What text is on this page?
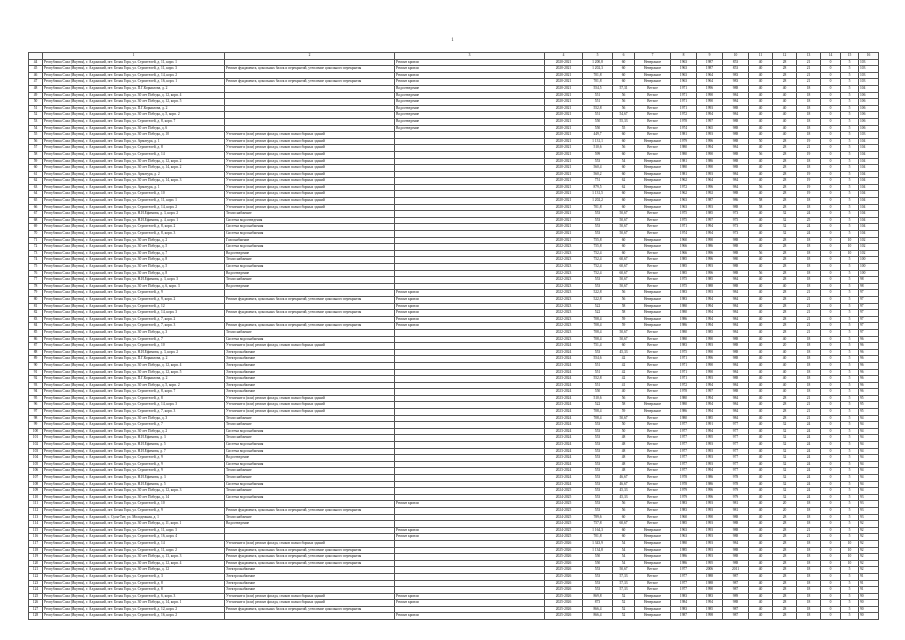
1
	1	2	3	4	5	6	7	8	9	10	11	12	13	14	15	16
44	Республика Саха (Якутия), г. Алданский, пгт. Белая Гора, ул. Строителей, д. 11, корп. 1		Ремонт кровли	2020-2021	1 200,8	60	Невержное	1963	1987	853	40	28	21	0	5	103
45	Республика Саха (Якутия), г. Алданский, пгт. Белая Гора, ул. Строителей, д. 11, корп. 3	Ремонт фундамента, цокольных балок и перекрытий, утепление цокольного перекрытия	Ремонт кровли	2020-2021	1 202,3	60	Невержное	1963	1987	853	40	28	21	0	5	103
46	Республика Саха (Якутия), г. Алданский, пгт. Белая Гора, ул. Строителей, д. 14, корп. 2		Ремонт кровли	2020-2021	701,8	60	Невержное	1963	1964	983	40	28	21	0	5	103
47	Республика Саха (Якутия), г. Алданский, пгт. Белая Гора, ул. Строителей, д. 16, корп. 1	Ремонт фундамента, цокольных балок и перекрытий, утепление цокольного перекрытия	Ремонт кровли	2020-2021	701,8	60	Невержное	1963	1964	983	40	28	21	0	5	103
48	Республика Саха (Якутия), г. Алданский, пгт. Белая Гора, ул. П.Г.Корнилова, д. 2		Водоотведение	2020-2021	554,5	57,31	Ветхое	1971	1996	988	40	40	18	0	5	104
49	Республика Саха (Якутия), г. Алданский, пгт. Белая Гора, ул. 30 лет Победы, д. 12, корп. 4		Водоотведение	2020-2021	551	56	Ветхое	1971	1990	984	40	40	18	0	5	106
50	Республика Саха (Якутия), г. Алданский, пгт. Белая Гора, ул. 30 лет Победы, д. 12, корп. 5		Водоотведение	2020-2021	551	56	Ветхое	1971	1990	984	40	40	18	0	5	106
51	Республика Саха (Якутия), г. Алданский, пгт. Белая Гора, ул. П.Г.Корнилова, д. 2		Водоотведение	2020-2021	552,8	56	Ветхое	1971	1993	988	40	40	18	0	5	106
52	Республика Саха (Якутия), г. Алданский, пгт. Белая Гора, ул. 30 лет Победы, д. 5, корп. 2		Водоотведение	2020-2021	551	54,67	Ветхое	1972	1994	984	40	40	18	0	5	106
53	Республика Саха (Якутия), г. Алданский, пгт. Белая Гора, ул. Строителей, д. 8, корп. 7		Водоотведение	2020-2021	550	55,33	Ветхое	1978	1997	988	40	40	18	0	5	106
54	Республика Саха (Якутия), г. Алданский, пгт. Белая Гора, ул. 30 лет Победы, д. 6		Водоотведение	2020-2021	550	55	Ветхое	1974	1965	988	40	40	18	0	5	106
55	Республика Саха (Якутия), г. Алданский, пгт. Белая Гора, ул. 30 лет Победы, д. 10	Утепление и (или) ремонт фасада, стыков полносборных зданий		2020-2021	449,7	60	Ветхое	1981	1993	988	40	40	18	0	5	103
56	Республика Саха (Якутия), г. Алданский, пгт. Белая Гора, ул. Арматура, д. 1	Утепление и (или) ремонт фасада, стыков полносборных зданий		2020-2021	1 131,1	60	Невержное	1979	1996	988	50	28	19	0	5	104
57	Республика Саха (Якутия), г. Алданский, пгт. Белая Гора, ул. Строителей, д. 8	Утепление и (или) ремонт фасада, стыков полносборных зданий		2020-2021	510,6	56	Ветхое	1980	1994	984	40	28	21	0	5	104
58	Республика Саха (Якутия), г. Алданский, пгт. Белая Гора, ул. Строителей, д. 14	Утепление и (или) ремонт фасада, стыков полносборных зданий		2020-2021	599	60	Ветхое	1980	1990	988	56	28	19	0	5	104
59	Республика Саха (Якутия), г. Алданский, пгт. Белая Гора, ул. 30 лет Победы, д. 12, корп. 2	Утепление и (или) ремонт фасада, стыков полносборных зданий		2020-2021	553	54	Невержное	1981	1986	988	40	28	18	0	5	104
60	Республика Саха (Якутия), г. Алданский, пгт. Белая Гора, ул. 30 лет Победы, д. 14, корп. 2	Утепление и (или) ремонт фасада, стыков полносборных зданий		2020-2021	560,4	60	Невержное	1980	1990	988	40	28	18	0	5	104
61	Республика Саха (Якутия), г. Алданский, пгт. Белая Гора, ул. Арматура, д. 2	Утепление и (или) ремонт фасада, стыков полносборных зданий		2020-2021	560,2	60	Невержное	1981	1993	984	40	28	19	0	5	104
62	Республика Саха (Якутия), г. Алданский, пгт. Белая Гора, ул. 30 лет Победы, д. 14, корп. 3	Утепление и (или) ремонт фасада, стыков полносборных зданий		2020-2021	751	62	Невержное	1962	1964	984	40	28	19	0	5	104
63	Республика Саха (Якутия), г. Алданский, пгт. Белая Гора, ул. Арматура, д. 1	Утепление и (или) ремонт фасада, стыков полносборных зданий		2020-2021	879,5	62	Невержное	1972	1996	984	56	28	19	0	5	104
64	Республика Саха (Якутия), г. Алданский, пгт. Белая Гора, ул. Строителей, д. 10	Утепление и (или) ремонт фасада, стыков полносборных зданий		2020-2021	1 131,5	60	Невержное	1962	1992	988	40	28	19	0	5	104
65	Республика Саха (Якутия), г. Алданский, пгт. Белая Гора, ул. Строителей, д. 11, корп. 1	Утепление и (или) ремонт фасада, стыков полносборных зданий		2020-2021	1 202,2	60	Невержное	1963	1987	986	58	28	18	0	5	104
66	Республика Саха (Якутия), г. Алданский, пгт. Белая Гора, ул. Строителей, д. 14, корп. 2	Утепление и (или) ремонт фасада, стыков полносборных зданий		2020-2021	701,8	60	Невержное	1963	1993	988	58	28	18	0	5	104
67	Республика Саха (Якутия), г. Алданский, пгт. Белая Гора, ул. Н.И.Ефимова, д. 3, корп. 2	Теплоснабжение		2020-2021	553	50,67	Ветхое	1975	1985	973	40	32	24	0	5	104
68	Республика Саха (Якутия), г. Алданский, пгт. Белая Гора, ул. Н.И.Ефимова, д. 4, корп. 1	Система водоотведения		2020-2021	553	50,67	Ветхое	1975	1997	975	40	32	25	0	5	104
69	Республика Саха (Якутия), г. Алданский, пгт. Белая Гора, ул. Строителей, д. 8, корп. 2	Система водоснабжения		2020-2021	553	50,67	Ветхое	1971	1994	973	40	32	24	0	5	104
70	Республика Саха (Якутия), г. Алданский, пгт. Белая Гора, ул. Строителей, д. 8, корп. 3	Система водоснабжения		2020-2021	553	50,67	Ветхое	1974	1994	973	40	32	24	0	5	104
71	Республика Саха (Якутия), г. Алданский, пгт. Белая Гора, ул. 30 лет Победы, д. 2	Газоснабжение		2020-2021	755,8	60	Невержное	1960	1990	988	40	28	18	0	10	102
72	Республика Саха (Якутия), г. Алданский, пгт. Белая Гора, ул. 30 лет Победы, д. 5	Система водоснабжения		2022-2023	755,8	60	Невержное	1966	1986	988	40	28	18	0	10	102
73	Республика Саха (Якутия), г. Алданский, пгт. Белая Гора, ул. 30 лет Победы, д. 7	Водоотведение		2021-2023	752,4	60	Ветхое	1966	1996	988	56	28	18	0	10	102
74	Республика Саха (Якутия), г. Алданский, пгт. Белая Гора, ул. 30 лет Победы, д. 8	Теплоснабжение		2022-2023	752,4	60,67	Ветхое	1985	1996	980	40	28	18	0	5	100
75	Республика Саха (Якутия), г. Алданский, пгт. Белая Гора, ул. 30 лет Победы, д. 5	Система водоснабжения		2022-2023	752,4	60,67	Ветхое	1985	1993	988	40	28	18	0	5	100
76	Республика Саха (Якутия), г. Алданский, пгт. Белая Гора, ул. 30 лет Победы, д. 8	Водоотведение		2022-2023	752,4	60,67	Ветхое	1985	1996	988	56	28	18	0	5	100
77	Республика Саха (Якутия), г. Алданский, пгт. Белая Гора, ул. Н.И.Ефимова, д. 3, корп. 3	Теплоснабжение		2022-2023	553	50,67	Ветхое	1975	1985	984	40	28	18	0	5	98
78	Республика Саха (Якутия), г. Алданский, пгт. Белая Гора, ул. 30 лет Победы, д. 6, корп. 3	Водоотведение		2022-2023	553	50,67	Ветхое	1975	1988	988	40	40	18	0	5	98
79	Республика Саха (Якутия), г. Алданский, пгт. Белая Гора, ул. Строителей, д. 9		Ремонт кровли	2022-2023	522,8	56	Невержное	1983	1993	984	40	28	21	0	5	97
80	Республика Саха (Якутия), г. Алданский, пгт. Белая Гора, ул. Строителей, д. 9, корп. 2	Ремонт фундамента, цокольных балок и перекрытий, утепление цокольного перекрытия	Ремонт кровли	2022-2023	522,8	56	Невержное	1983	1994	984	40	28	21	0	5	97
81	Республика Саха (Якутия), г. Алданский, пгт. Белая Гора, ул. Строителей, д. 12		Ремонт кровли	2022-2023	522	58	Невержное	1980	1994	984	40	28	21	0	5	97
82	Республика Саха (Якутия), г. Алданский, пгт. Белая Гора, ул. Строителей, д. 14, корп. 3	Ремонт фундамента, цокольных балок и перекрытий, утепление цокольного перекрытия	Ремонт кровли	2022-2023	522	58	Невержное	1980	1994	984	40	28	21	0	5	97
83	Республика Саха (Якутия), г. Алданский, пгт. Белая Гора, ул. Строителей, д. 7, корп. 2		Ремонт кровли	2022-2023	708,4	59	Невержное	1986	1994	984	40	28	21	0	5	97
84	Республика Саха (Якутия), г. Алданский, пгт. Белая Гора, ул. Строителей, д. 7, корп. 3	Ремонт фундамента, цокольных балок и перекрытий, утепление цокольного перекрытия	Ремонт кровли	2022-2023	708,4	59	Невержное	1986	1994	984	40	28	21	0	5	97
85	Республика Саха (Якутия), г. Алданский, пгт. Белая Гора, ул. 30 лет Победы, д. 3	Теплоснабжение		2022-2023	708,4	50,67	Ветхое	1980	1985	984	40	28	21	0	5	97
86	Республика Саха (Якутия), г. Алданский, пгт. Белая Гора, ул. Строителей, д. 7	Система водоснабжения		2022-2023	708,4	50,67	Ветхое	1980	1990	988	40	40	18	0	5	96
87	Республика Саха (Якутия), г. Алданский, пгт. Белая Гора, ул. Строителей, д. 10	Утепление и (или) ремонт фасада, стыков полносборных зданий		2023-2024	751,4	60	Ветхое	1983	1993	988	40	20	18	0	5	96
88	Республика Саха (Якутия), г. Алданский, пгт. Белая Гора, ул. Н.И.Ефимова, д. 3, корп. 2	Электроснабжение		2023-2024	553	45,33	Ветхое	1975	1990	988	40	40	18	0	5	96
89	Республика Саха (Якутия), г. Алданский, пгт. Белая Гора, ул. П.Г.Корнилова, д. 2	Электроснабжение		2023-2024	554,6	42	Ветхое	1971	1996	988	40	40	18	0	5	96
90	Республика Саха (Якутия), г. Алданский, пгт. Белая Гора, ул. 30 лет Победы, д. 12, корп. 4	Электроснабжение		2023-2024	551	42	Ветхое	1971	1990	984	40	40	18	0	5	96
91	Республика Саха (Якутия), г. Алданский, пгт. Белая Гора, ул. 30 лет Победы, д. 12, корп. 5	Электроснабжение		2023-2024	551	42	Ветхое	1971	1990	984	40	40	18	0	5	96
92	Республика Саха (Якутия), г. Алданский, пгт. Белая Гора, ул. П.Г.Корнилова, д. 2	Электроснабжение		2023-2024	552,8	42	Ветхое	1971	1993	988	40	40	18	0	5	96
93	Республика Саха (Якутия), г. Алданский, пгт. Белая Гора, ул. 30 лет Победы, д. 5, корп. 2	Электроснабжение		2023-2024	551	41	Ветхое	1972	1994	984	40	40	18	0	5	96
94	Республика Саха (Якутия), г. Алданский, пгт. Белая Гора, ул. Строителей, д. 8, корп. 7	Электроснабжение		2023-2024	550	40	Ветхое	1978	1997	988	40	40	18	0	5	96
95	Республика Саха (Якутия), г. Алданский, пгт. Белая Гора, ул. Строителей, д. 8	Утепление и (или) ремонт фасада, стыков полносборных зданий		2023-2024	510,6	56	Ветхое	1980	1994	984	40	28	21	0	5	95
96	Республика Саха (Якутия), г. Алданский, пгт. Белая Гора, ул. Строителей, д. 14, корп. 3	Утепление и (или) ремонт фасада, стыков полносборных зданий		2023-2024	522	58	Невержное	1980	1994	984	40	28	21	0	5	95
97	Республика Саха (Якутия), г. Алданский, пгт. Белая Гора, ул. Строителей, д. 7, корп. 3	Утепление и (или) ремонт фасада, стыков полносборных зданий		2023-2024	708,4	59	Невержное	1986	1994	984	40	28	21	0	5	95
98	Республика Саха (Якутия), г. Алданский, пгт. Белая Гора, ул. 30 лет Победы, д. 3	Теплоснабжение		2023-2024	708,4	50,67	Ветхое	1980	1985	984	40	28	21	0	5	94
99	Республика Саха (Якутия), г. Алданский, пгт. Белая Гора, ул. Строителей, д. 7	Теплоснабжение		2023-2024	553	50	Ветхое	1977	1991	977	40	32	24	0	5	94
100	Республика Саха (Якутия), г. Алданский, пгт. Белая Гора, ул. 30 лет Победы, д. 2	Система водоснабжения		2023-2024	553	50	Ветхое	1977	1994	977	40	32	24	0	5	94
101	Республика Саха (Якутия), г. Алданский, пгт. Белая Гора, ул. Н.И.Ефимова, д. 3	Теплоснабжение		2023-2024	553	48	Ветхое	1977	1995	977	40	32	24	0	5	94
102	Республика Саха (Якутия), г. Алданский, пгт. Белая Гора, ул. Н.И.Ефимова, д. 5	Система водоснабжения		2023-2024	553	48	Ветхое	1977	1993	977	40	32	24	0	5	94
103	Республика Саха (Якутия), г. Алданский, пгт. Белая Гора, ул. Н.И.Ефимова, д. 7	Система водоснабжения		2023-2024	553	48	Ветхое	1977	1993	977	40	32	24	0	5	94
104	Республика Саха (Якутия), г. Алданский, пгт. Белая Гора, ул. Строителей, д. 9	Водоотведение		2023-2024	553	48	Ветхое	1977	1993	977	40	32	24	0	5	94
105	Республика Саха (Якутия), г. Алданский, пгт. Белая Гора, ул. Строителей, д. 9	Система водоснабжения		2023-2024	553	48	Ветхое	1977	1993	977	40	32	24	0	5	94
106	Республика Саха (Якутия), г. Алданский, пгт. Белая Гора, ул. Строителей, д. 9	Теплоснабжение		2023-2024	553	48	Ветхое	1977	1994	977	40	32	24	0	5	94
107	Республика Саха (Якутия), г. Алданский, пгт. Белая Гора, ул. Н.И.Ефимова, д. 3	Теплоснабжение		2023-2024	553	46,67	Ветхое	1978	1986	978	40	32	24	0	5	94
108	Республика Саха (Якутия), г. Алданский, пгт. Белая Гора, ул. Н.И.Ефимова, д. 5	Система водоснабжения		2023-2024	553	46,67	Ветхое	1978	1986	978	40	32	24	0	5	94
109	Республика Саха (Якутия), г. Алданский, пгт. Белая Гора, ул. 30 лет Победы, д. 12, корп. 3	Теплоснабжение		2024-2025	553	45,33	Ветхое	1979	1996	979	40	32	24	0	5	94
110	Республика Саха (Якутия), г. Алданский, пгт. Белая Гора, ул. 30 лет Победы, д. 14	Система водоснабжения		2024-2025	553	45,33	Ветхое	1979	1996	979	40	32	24	0	5	93
111	Республика Саха (Якутия), г. Алданский, пгт. Белая Гора, ул. Строителей, д. 10		Ремонт кровли	2024-2025	553	56	Ветхое	1983	1993	981	40	20	18	0	5	93
112	Республика Саха (Якутия), г. Алданский, пгт. Белая Гора, ул. Строителей, д. 9	Ремонт фундамента, цокольных балок и перекрытий, утепление цокольного перекрытия		2024-2025	553	56	Ветхое	1983	1993	981	40	20	18	0	5	93
113	Республика Саха (Якутия), г. Алданский, с. Суон-Тит, ул. Молодежная, д. 1	Теплоснабжение		2024-2025	789,6	60	Ветхое	1960	1990	988	40	28	18	0	5	93
114	Республика Саха (Якутия), г. Алданский, пгт. Белая Гора, ул. 30 лет Победы, д. 11, корп. 1	Водоотведение		2024-2025	757,8	60,67	Ветхое	1985	1993	988	40	28	18	0	5	92
115	Республика Саха (Якутия), г. Алданский, пгт. Белая Гора, ул. Строителей, д. 11, корп. 3		Ремонт кровли	2024-2025	1 164,3	60	Невержное	1963	1993	988	40	28	21	0	5	92
116	Республика Саха (Якутия), г. Алданский, пгт. Белая Гора, ул. Строителей, д. 16, корп. 4		Ремонт кровли	2024-2025	701,8	60	Невержное	1963	1993	988	40	28	21	0	5	92
117	Республика Саха (Якутия), г. Алданский, пгт. Белая Гора, ул. Строителей, д. 14	Утепление и (или) ремонт фасада, стыков полносборных зданий		2025-2026	1 343,9	54	Невержное	1980	1993	984	40	28	18	0	10	92
118	Республика Саха (Якутия), г. Алданский, пгт. Белая Гора, ул. Строителей, д. 11, корп. 2	Ремонт фундамента, цокольных балок и перекрытий, утепление цокольного перекрытия		2025-2026	1 134,8	54	Невержное	1985	1993	988	40	28	18	0	10	92
119	Республика Саха (Якутия), г. Алданский, пгт. Белая Гора, ул. 30 лет Победы, д. 13, корп. 3	Ремонт фундамента, цокольных балок и перекрытий, утепление цокольного перекрытия		2025-2026	550	54	Невержное	1986	1993	988	40	28	18	0	10	92
120	Республика Саха (Якутия), г. Алданский, пгт. Белая Гора, ул. 30 лет Победы, д. 12, корп. 4	Ремонт фундамента, цокольных балок и перекрытий, утепление цокольного перекрытия		2025-2026	550	54	Невержное	1986	1995	988	40	28	18	0	10	92
121	Республика Саха (Якутия), г. Алданский, пгт. Белая Гора, ул. 30 лет Победы, д. 12	Электроснабжение		2025-2026	553	50,67	Ветхое	1977	2006	2011	40	28	18	0	5	92
122	Республика Саха (Якутия), г. Алданский, пгт. Белая Гора, ул. Строителей, д. 3	Электроснабжение		2025-2026	553	57,33	Ветхое	1977	1988	987	40	28	18	0	5	91
123	Республика Саха (Якутия), г. Алданский, пгт. Белая Гора, ул. Строителей, д. 8	Электроснабжение		2025-2026	553	57,33	Ветхое	1977	1988	987	40	28	18	0	5	91
124	Республика Саха (Якутия), г. Алданский, пгт. Белая Гора, ул. Строителей, д. 8	Электроснабжение		2025-2026	553	57,33	Ветхое	1977	1990	987	40	28	18	0	5	91
125	Республика Саха (Якутия), г. Алданский, пгт. Белая Гора, ул. Строителей, д. 6, корп. 3	Утепление и (или) ремонт фасада, стыков полносборных зданий	Ремонт кровли	2025-2026	869,8	52	Невержное	1983	1983	989	40	28	18	0	5	90
126	Республика Саха (Якутия), г. Алданский, пгт. Белая Гора, ул. 30 лет Победы, д. 14, корп. 1	Утепление и (или) ремонт фасада, стыков полносборных зданий	Ремонт кровли	2025-2026	873	52	Невержное	1984	1994	988	40	28	18	0	5	90
127	Республика Саха (Якутия), г. Алданский, пгт. Белая Гора, ул. Строителей, д. 12, корп. 2	Ремонт фундамента, цокольных балок и перекрытий, утепление цокольного перекрытия		2025-2026	866,4	52	Невержное	1983	1985	987	40	28	18	0	5	90
128	Республика Саха (Якутия), г. Алданский, пгт. Белая Гора, ул. Строителей, д. 16, корп. 2		Ремонт кровли	2025-2026	866,4	52	Невержное	1987	1998	987	40	28	18	0	5	90
